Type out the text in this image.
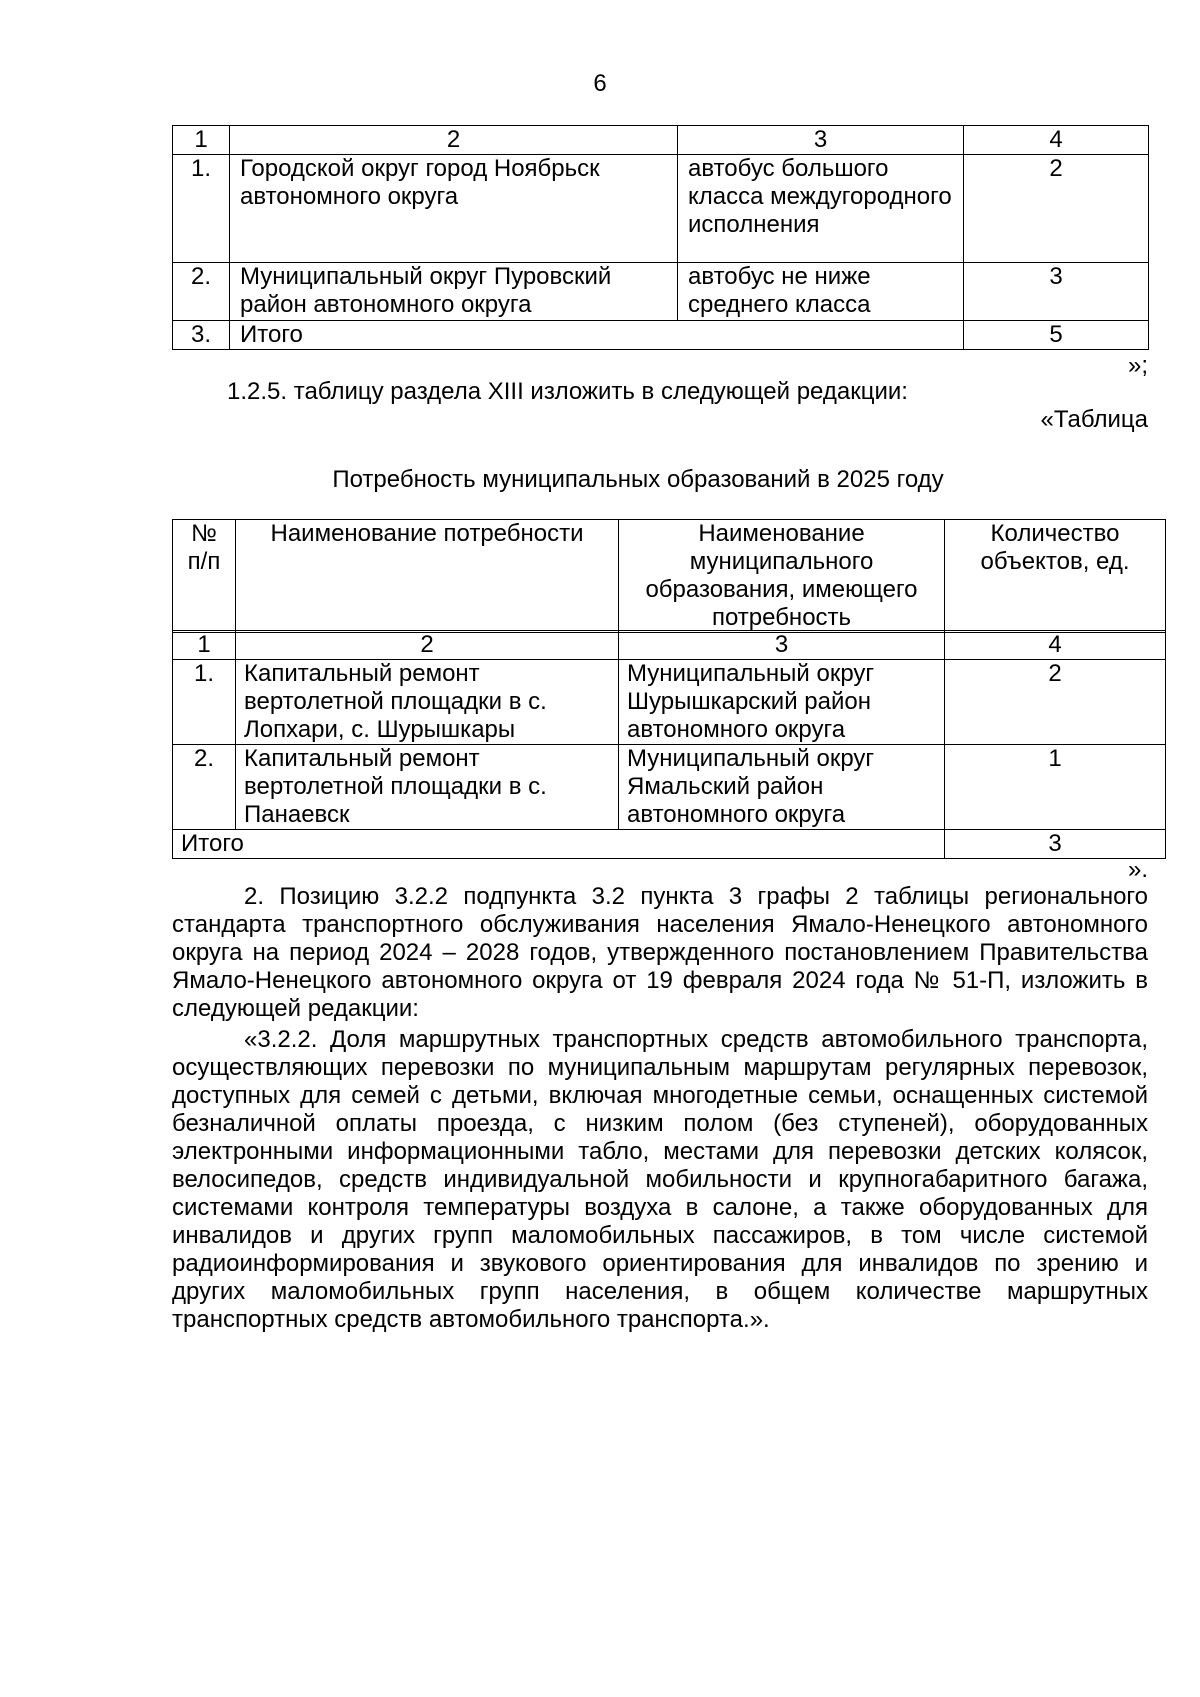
6
1	2	3	4
1.	Городской округ город Ноябрьск автономного округа	автобус большого класса междугородного исполнения	2
2.	Муниципальный округ Пуровский район автономного округа	автобус не ниже среднего класса	3
3.	Итого		5
»;
1.2.5. таблицу раздела XIII изложить в следующей редакции:
«Таблица
Потребность муниципальных образований в 2025 году
№ п/п	Наименование потребности	Наименование муниципального образования, имеющего потребность	Количество объектов, ед.
1	2	3	4
1.	Капитальный ремонт вертолетной площадки в с. Лопхари, с. Шурышкары	Муниципальный округ Шурышкарский район автономного округа	2
2.	Капитальный ремонт вертолетной площадки в с. Панаевск	Муниципальный округ Ямальский район автономного округа	1
Итого			3
».
2. Позицию 3.2.2 подпункта 3.2 пункта 3 графы 2 таблицы регионального стандарта транспортного обслуживания населения Ямало-Ненецкого автономного округа на период 2024 – 2028 годов, утвержденного постановлением Правительства Ямало-Ненецкого автономного округа от 19 февраля 2024 года № 51-П, изложить в следующей редакции:
«3.2.2. Доля маршрутных транспортных средств автомобильного транспорта, осуществляющих перевозки по муниципальным маршрутам регулярных перевозок, доступных для семей с детьми, включая многодетные семьи, оснащенных системой безналичной оплаты проезда, с низким полом (без ступеней), оборудованных электронными информационными табло, местами для перевозки детских колясок, велосипедов, средств индивидуальной мобильности и крупногабаритного багажа, системами контроля температуры воздуха в салоне, а также оборудованных для инвалидов и других групп маломобильных пассажиров, в том числе системой радиоинформирования и звукового ориентирования для инвалидов по зрению и других маломобильных групп населения, в общем количестве маршрутных транспортных средств автомобильного транспорта.».
